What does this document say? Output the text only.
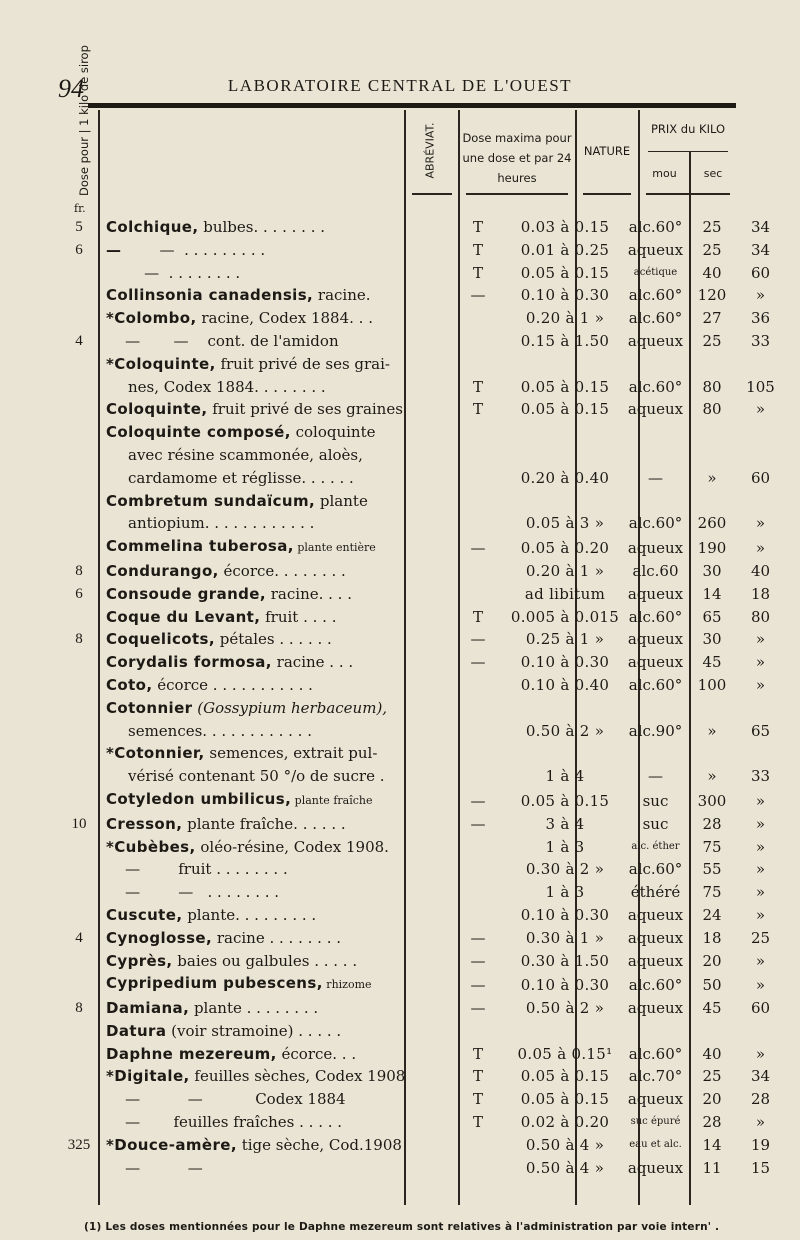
94	LABORATOIRE CENTRAL DE L'OUEST
Dose pour | 1 kilo de sirop	ABRÉVIAT. Dose maxima pour une dose et par 24 heures
NATURE
PRIX du KILO
mou	sec
fr.
5	Colchique, bulbes. . . . . . . .	T	0.03 à 0.15	alc.60°	25	34
6	—        —  . . . . . . . . .	T	0.01 à 0.25	aqueux	25	34
	—  . . . . . . . .	T	0.05 à 0.15	acétique	40	60
	Collinsonia canadensis, racine.	—	0.10 à 0.30	alc.60°	120	»
	*Colombo, racine, Codex 1884. . .		0.20 à 1 »	alc.60°	27	36
4	—       —    cont. de l'amidon		0.15 à 1.50	aqueux	25	33
	*Coloquinte, fruit privé de ses grai-					
	nes, Codex 1884. . . . . . . .	T	0.05 à 0.15	alc.60°	80	105
	Coloquinte, fruit privé de ses graines	T	0.05 à 0.15	aqueux	80	»
	Coloquinte composé, coloquinte					
	avec résine scammonée, aloès,					
	cardamome et réglisse. . . . . .		0.20 à 0.40	—	»	60
	Combretum sundaïcum, plante					
	antiopium. . . . . . . . . . . .		0.05 à 3 »	alc.60°	260	»
	Commelina tuberosa, plante entière	—	0.05 à 0.20	aqueux	190	»
8	Condurango, écorce. . . . . . . .		0.20 à 1 »	alc.60	30	40
6	Consoude grande, racine. . . .		ad libitum	aqueux	14	18
	Coque du Levant, fruit . . . .	T	0.005 à 0.015	alc.60°	65	80
8	Coquelicots, pétales . . . . . .	—	0.25 à 1 »	aqueux	30	»
	Corydalis formosa, racine . . .	—	0.10 à 0.30	aqueux	45	»
	Coto, écorce . . . . . . . . . . .		0.10 à 0.40	alc.60°	100	»
	Cotonnier (Gossypium herbaceum),					
	semences. . . . . . . . . . . .		0.50 à 2 »	alc.90°	»	65
	*Cotonnier, semences, extrait pul-					
	vérisé contenant 50 °/o de sucre .		1 à 4	—	»	33
	Cotyledon umbilicus, plante fraîche	—	0.05 à 0.15	suc	300	»
10	Cresson, plante fraîche. . . . . .	—	3 à 4	suc	28	»
	*Cubèbes, oléo-résine, Codex 1908.		1 à 3	alc. éther	75	»
	—        fruit . . . . . . . .		0.30 à 2 »	alc.60°	55	»
	—        —   . . . . . . . .		1 à 3	éthéré	75	»
	Cuscute, plante. . . . . . . . .		0.10 à 0.30	aqueux	24	»
4	Cynoglosse, racine . . . . . . . .	—	0.30 à 1 »	aqueux	18	25
	Cyprès, baies ou galbules . . . . .	—	0.30 à 1.50	aqueux	20	»
	Cypripedium pubescens, rhizome	—	0.10 à 0.30	alc.60°	50	»
8	Damiana, plante . . . . . . . .	—	0.50 à 2 »	aqueux	45	60
	Datura (voir stramoine) . . . . .					
	Daphne mezereum, écorce. . .	T	0.05 à 0.15¹	alc.60°	40	»
	*Digitale, feuilles sèches, Codex 1908	T	0.05 à 0.15	alc.70°	25	34
	—          —           Codex 1884	T	0.05 à 0.15	aqueux	20	28
	—       feuilles fraîches . . . . .	T	0.02 à 0.20	suc épuré	28	»
325	*Douce-amère, tige sèche, Cod.1908		0.50 à 4 »	eau et alc.	14	19
	—          —		0.50 à 4 »	aqueux	11	15
(1) Les doses mentionnées pour le Daphne mezereum sont relatives à l'administration par voie intern' .
